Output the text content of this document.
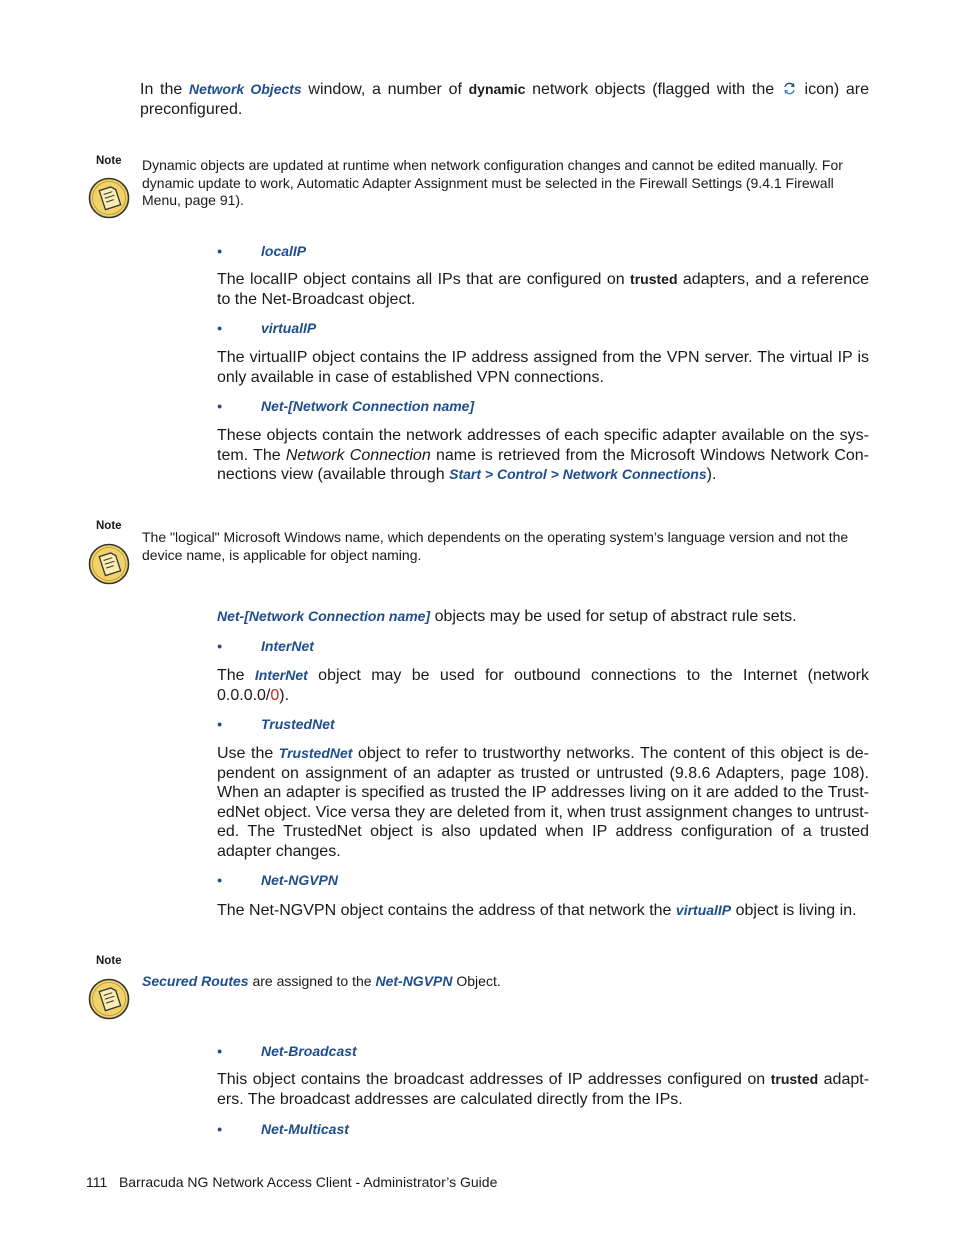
In the Network Objects window, a number of dynamic network objects (flagged with the  icon) are preconfigured.
Note Dynamic objects are updated at runtime when network configuration changes and cannot be edited manually. For dynamic update to work, Automatic Adapter Assignment must be selected in the Firewall Settings (9.4.1 Firewall Menu, page 91).
•	localIP
The localIP object contains all IPs that are configured on trusted adapters, and a reference to the Net-Broadcast object.
•	virtualIP
The virtualIP object contains the IP address assigned from the VPN server. The virtual IP is only available in case of established VPN connections.
•	Net-[Network Connection name]
These objects contain the network addresses of each specific adapter available on the system. The Network Connection name is retrieved from the Microsoft Windows Network Connections view (available through Start > Control > Network Connections).
Note
The "logical" Microsoft Windows name, which dependents on the operating system’s language version and not the device name, is applicable for object naming.
Net-[Network Connection name] objects may be used for setup of abstract rule sets.
•	InterNet
The InterNet object may be used for outbound connections to the Internet (network 0.0.0.0/0).
•	TrustedNet
Use the TrustedNet object to refer to trustworthy networks. The content of this object is dependent on assignment of an adapter as trusted or untrusted (9.8.6 Adapters, page 108). When an adapter is specified as trusted the IP addresses living on it are added to the TrustedNet object. Vice versa they are deleted from it, when trust assignment changes to untrusted. The TrustedNet object is also updated when IP address configuration of a trusted adapter changes.
•	Net-NGVPN
The Net-NGVPN object contains the address of that network the virtualIP object is living in.
Note
Secured Routes are assigned to the Net-NGVPN Object.
•	Net-Broadcast
This object contains the broadcast addresses of IP addresses configured on trusted adapters. The broadcast addresses are calculated directly from the IPs.
•	Net-Multicast
111 Barracuda NG Network Access Client - Administrator’s Guide
